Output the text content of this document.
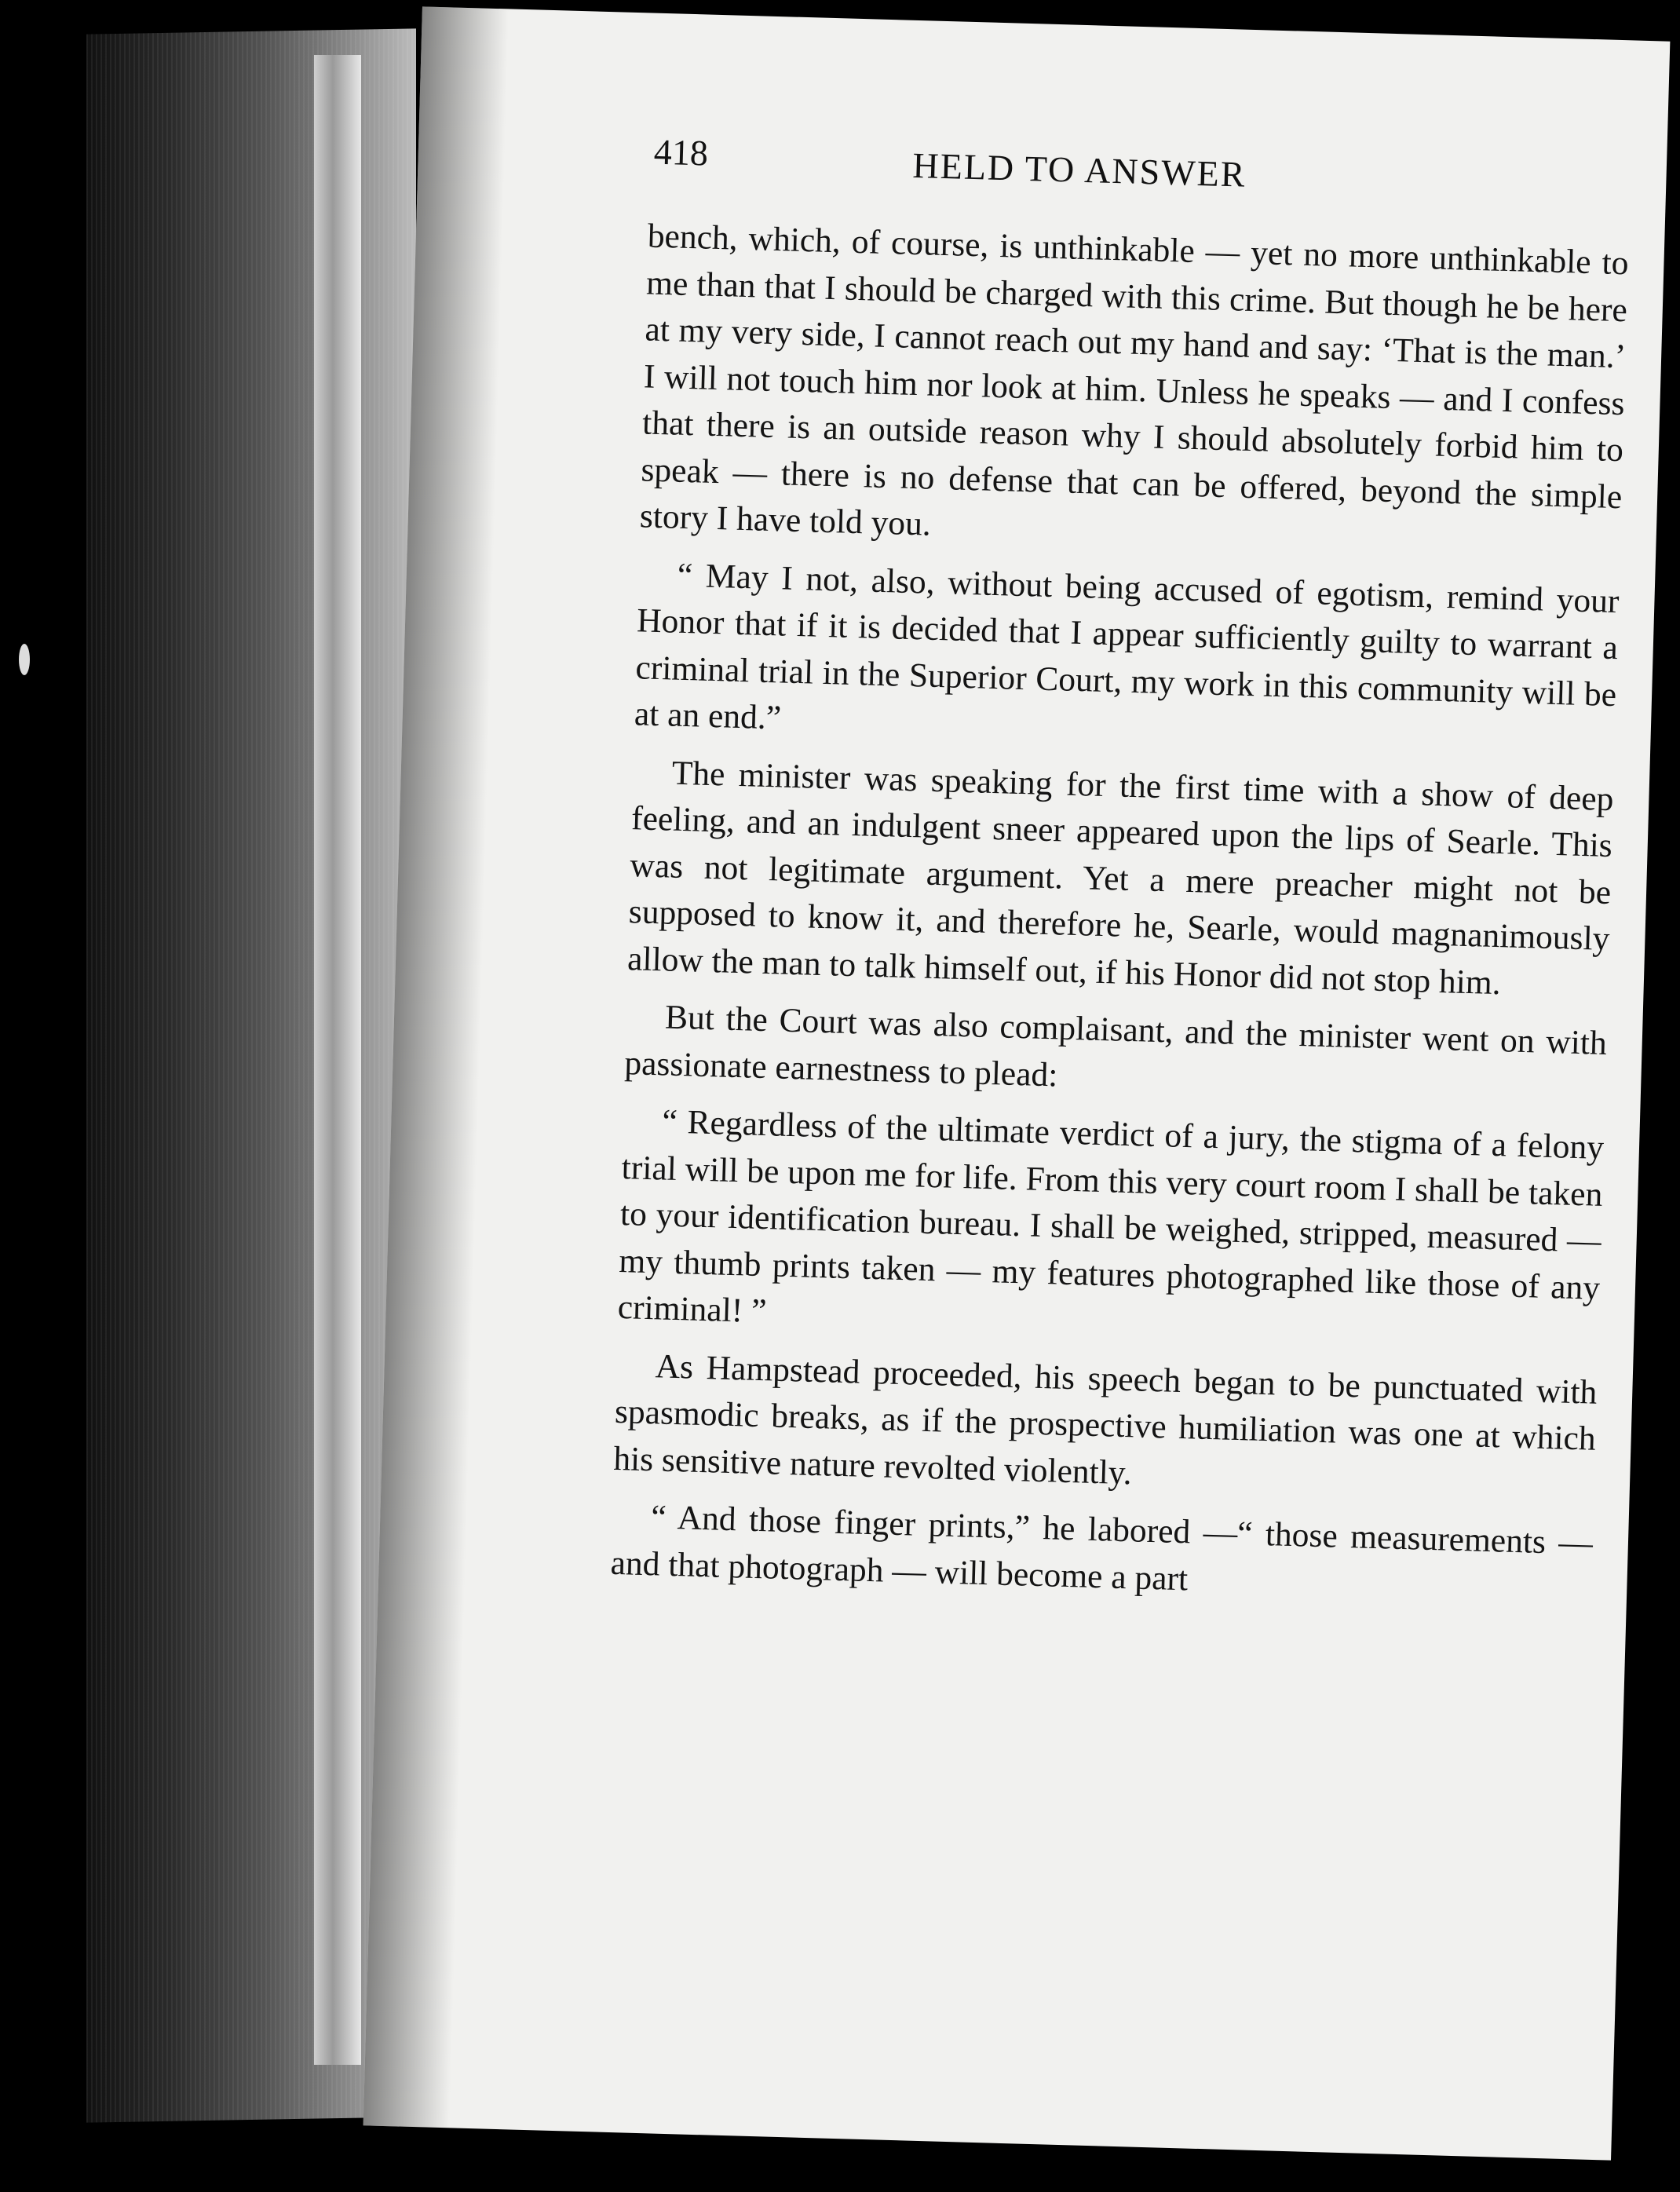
418	HELD TO ANSWER

bench, which, of course, is unthinkable — yet no more unthinkable to me than that I should be charged with this crime. But though he be here at my very side, I cannot reach out my hand and say: ‘That is the man.’ I will not touch him nor look at him. Unless he speaks — and I confess that there is an outside reason why I should absolutely forbid him to speak — there is no defense that can be offered, beyond the simple story I have told you.

“ May I not, also, without being accused of egotism, remind your Honor that if it is decided that I appear sufficiently guilty to warrant a criminal trial in the Superior Court, my work in this community will be at an end.”

The minister was speaking for the first time with a show of deep feeling, and an indulgent sneer appeared upon the lips of Searle. This was not legitimate argument. Yet a mere preacher might not be supposed to know it, and therefore he, Searle, would magnanimously allow the man to talk himself out, if his Honor did not stop him.

But the Court was also complaisant, and the minister went on with passionate earnestness to plead:

“ Regardless of the ultimate verdict of a jury, the stigma of a felony trial will be upon me for life. From this very court room I shall be taken to your identification bureau. I shall be weighed, stripped, measured — my thumb prints taken — my features photographed like those of any criminal! ”

As Hampstead proceeded, his speech began to be punctuated with spasmodic breaks, as if the prospective humiliation was one at which his sensitive nature revolted violently.

“ And those finger prints,” he labored —“ those measurements — and that photograph — will become a part
